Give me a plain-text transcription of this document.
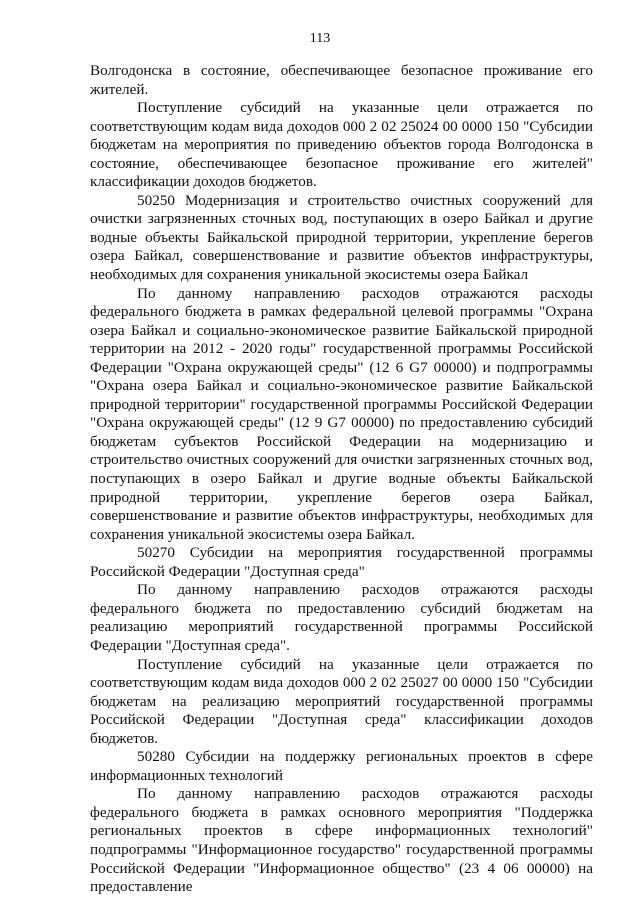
113

Волгодонска в состояние, обеспечивающее безопасное проживание его жителей.

Поступление субсидий на указанные цели отражается по соответствующим кодам вида доходов 000 2 02 25024 00 0000 150 "Субсидии бюджетам на мероприятия по приведению объектов города Волгодонска в состояние, обеспечивающее безопасное проживание его жителей" классификации доходов бюджетов.

50250 Модернизация и строительство очистных сооружений для очистки загрязненных сточных вод, поступающих в озеро Байкал и другие водные объекты Байкальской природной территории, укрепление берегов озера Байкал, совершенствование и развитие объектов инфраструктуры, необходимых для сохранения уникальной экосистемы озера Байкал

По данному направлению расходов отражаются расходы федерального бюджета в рамках федеральной целевой программы "Охрана озера Байкал и социально-экономическое развитие Байкальской природной территории на 2012 - 2020 годы" государственной программы Российской Федерации "Охрана окружающей среды" (12 6 G7 00000) и подпрограммы "Охрана озера Байкал и социально-экономическое развитие Байкальской природной территории" государственной программы Российской Федерации "Охрана окружающей среды" (12 9 G7 00000) по предоставлению субсидий бюджетам субъектов Российской Федерации на модернизацию и строительство очистных сооружений для очистки загрязненных сточных вод, поступающих в озеро Байкал и другие водные объекты Байкальской природной территории, укрепление берегов озера Байкал, совершенствование и развитие объектов инфраструктуры, необходимых для сохранения уникальной экосистемы озера Байкал.

50270 Субсидии на мероприятия государственной программы Российской Федерации "Доступная среда"

По данному направлению расходов отражаются расходы федерального бюджета по предоставлению субсидий бюджетам на реализацию мероприятий государственной программы Российской Федерации "Доступная среда".

Поступление субсидий на указанные цели отражается по соответствующим кодам вида доходов 000 2 02 25027 00 0000 150 "Субсидии бюджетам на реализацию мероприятий государственной программы Российской Федерации "Доступная среда" классификации доходов бюджетов.

50280 Субсидии на поддержку региональных проектов в сфере информационных технологий

По данному направлению расходов отражаются расходы федерального бюджета в рамках основного мероприятия "Поддержка региональных проектов в сфере информационных технологий" подпрограммы "Информационное государство" государственной программы Российской Федерации "Информационное общество" (23 4 06 00000) на предоставление
